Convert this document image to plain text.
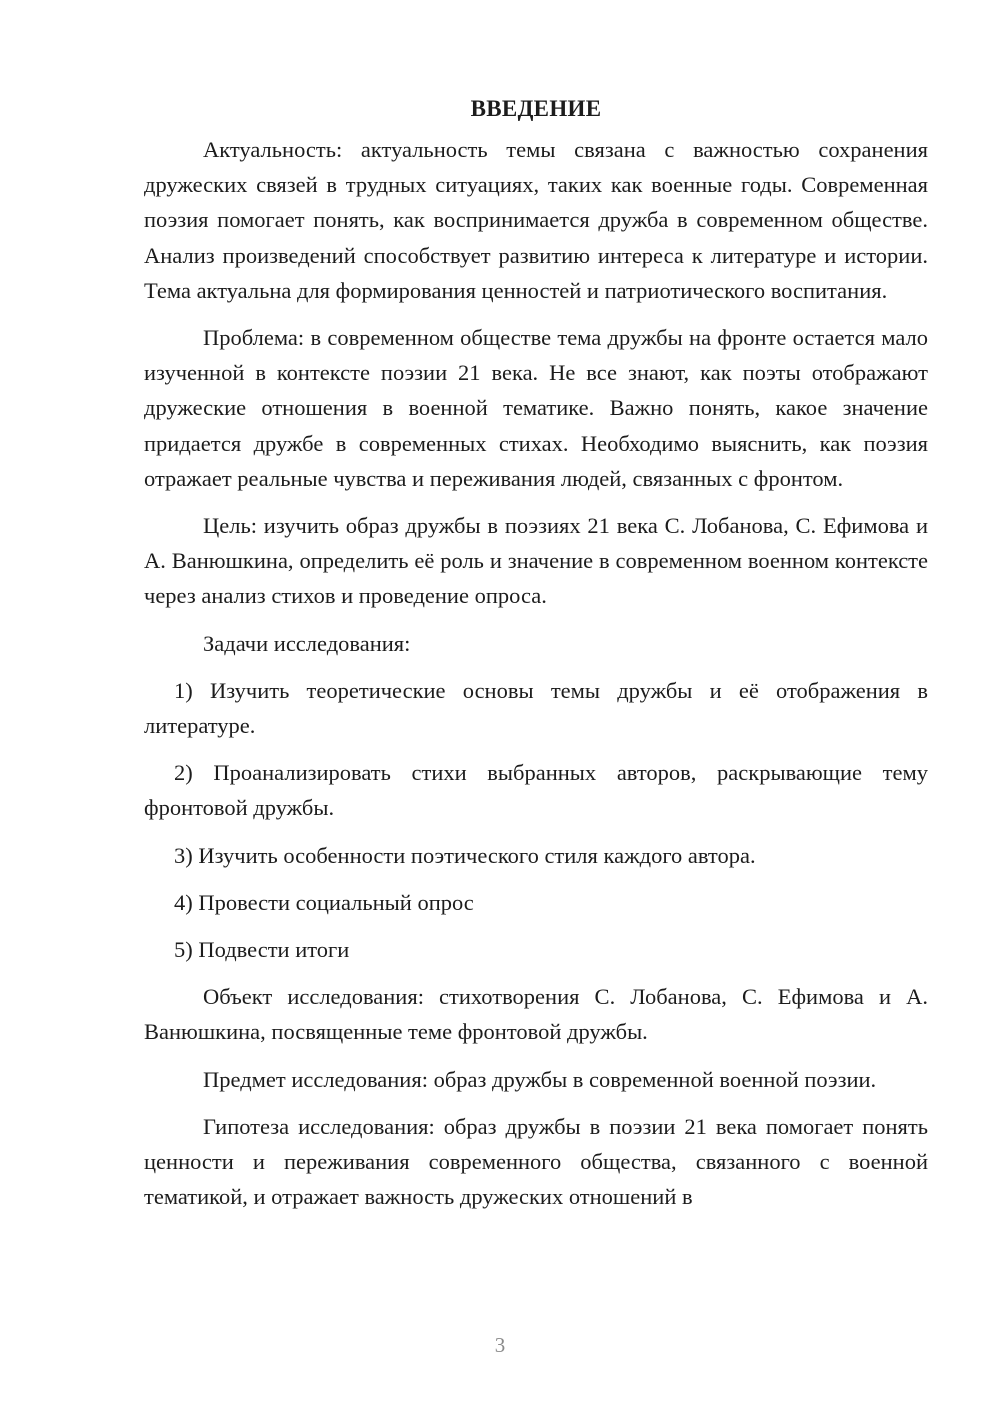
ВВЕДЕНИЕ

Актуальность: актуальность темы связана с важностью сохранения дружеских связей в трудных ситуациях, таких как военные годы. Современная поэзия помогает понять, как воспринимается дружба в современном обществе. Анализ произведений способствует развитию интереса к литературе и истории. Тема актуальна для формирования ценностей и патриотического воспитания.

Проблема: в современном обществе тема дружбы на фронте остается мало изученной в контексте поэзии 21 века. Не все знают, как поэты отображают дружеские отношения в военной тематике. Важно понять, какое значение придается дружбе в современных стихах. Необходимо выяснить, как поэзия отражает реальные чувства и переживания людей, связанных с фронтом.

Цель: изучить образ дружбы в поэзиях 21 века С. Лобанова, С. Ефимова и А. Ванюшкина, определить её роль и значение в современном военном контексте через анализ стихов и проведение опроса.

Задачи исследования:

1) Изучить теоретические основы темы дружбы и её отображения в литературе.

2) Проанализировать стихи выбранных авторов, раскрывающие тему фронтовой дружбы.

3) Изучить особенности поэтического стиля каждого автора.

4) Провести социальный опрос

5) Подвести итоги

Объект исследования: стихотворения С. Лобанова, С. Ефимова и А. Ванюшкина, посвященные теме фронтовой дружбы.

Предмет исследования: образ дружбы в современной военной поэзии.

Гипотеза исследования: образ дружбы в поэзии 21 века помогает понять ценности и переживания современного общества, связанного с военной тематикой, и отражает важность дружеских отношений в

3
